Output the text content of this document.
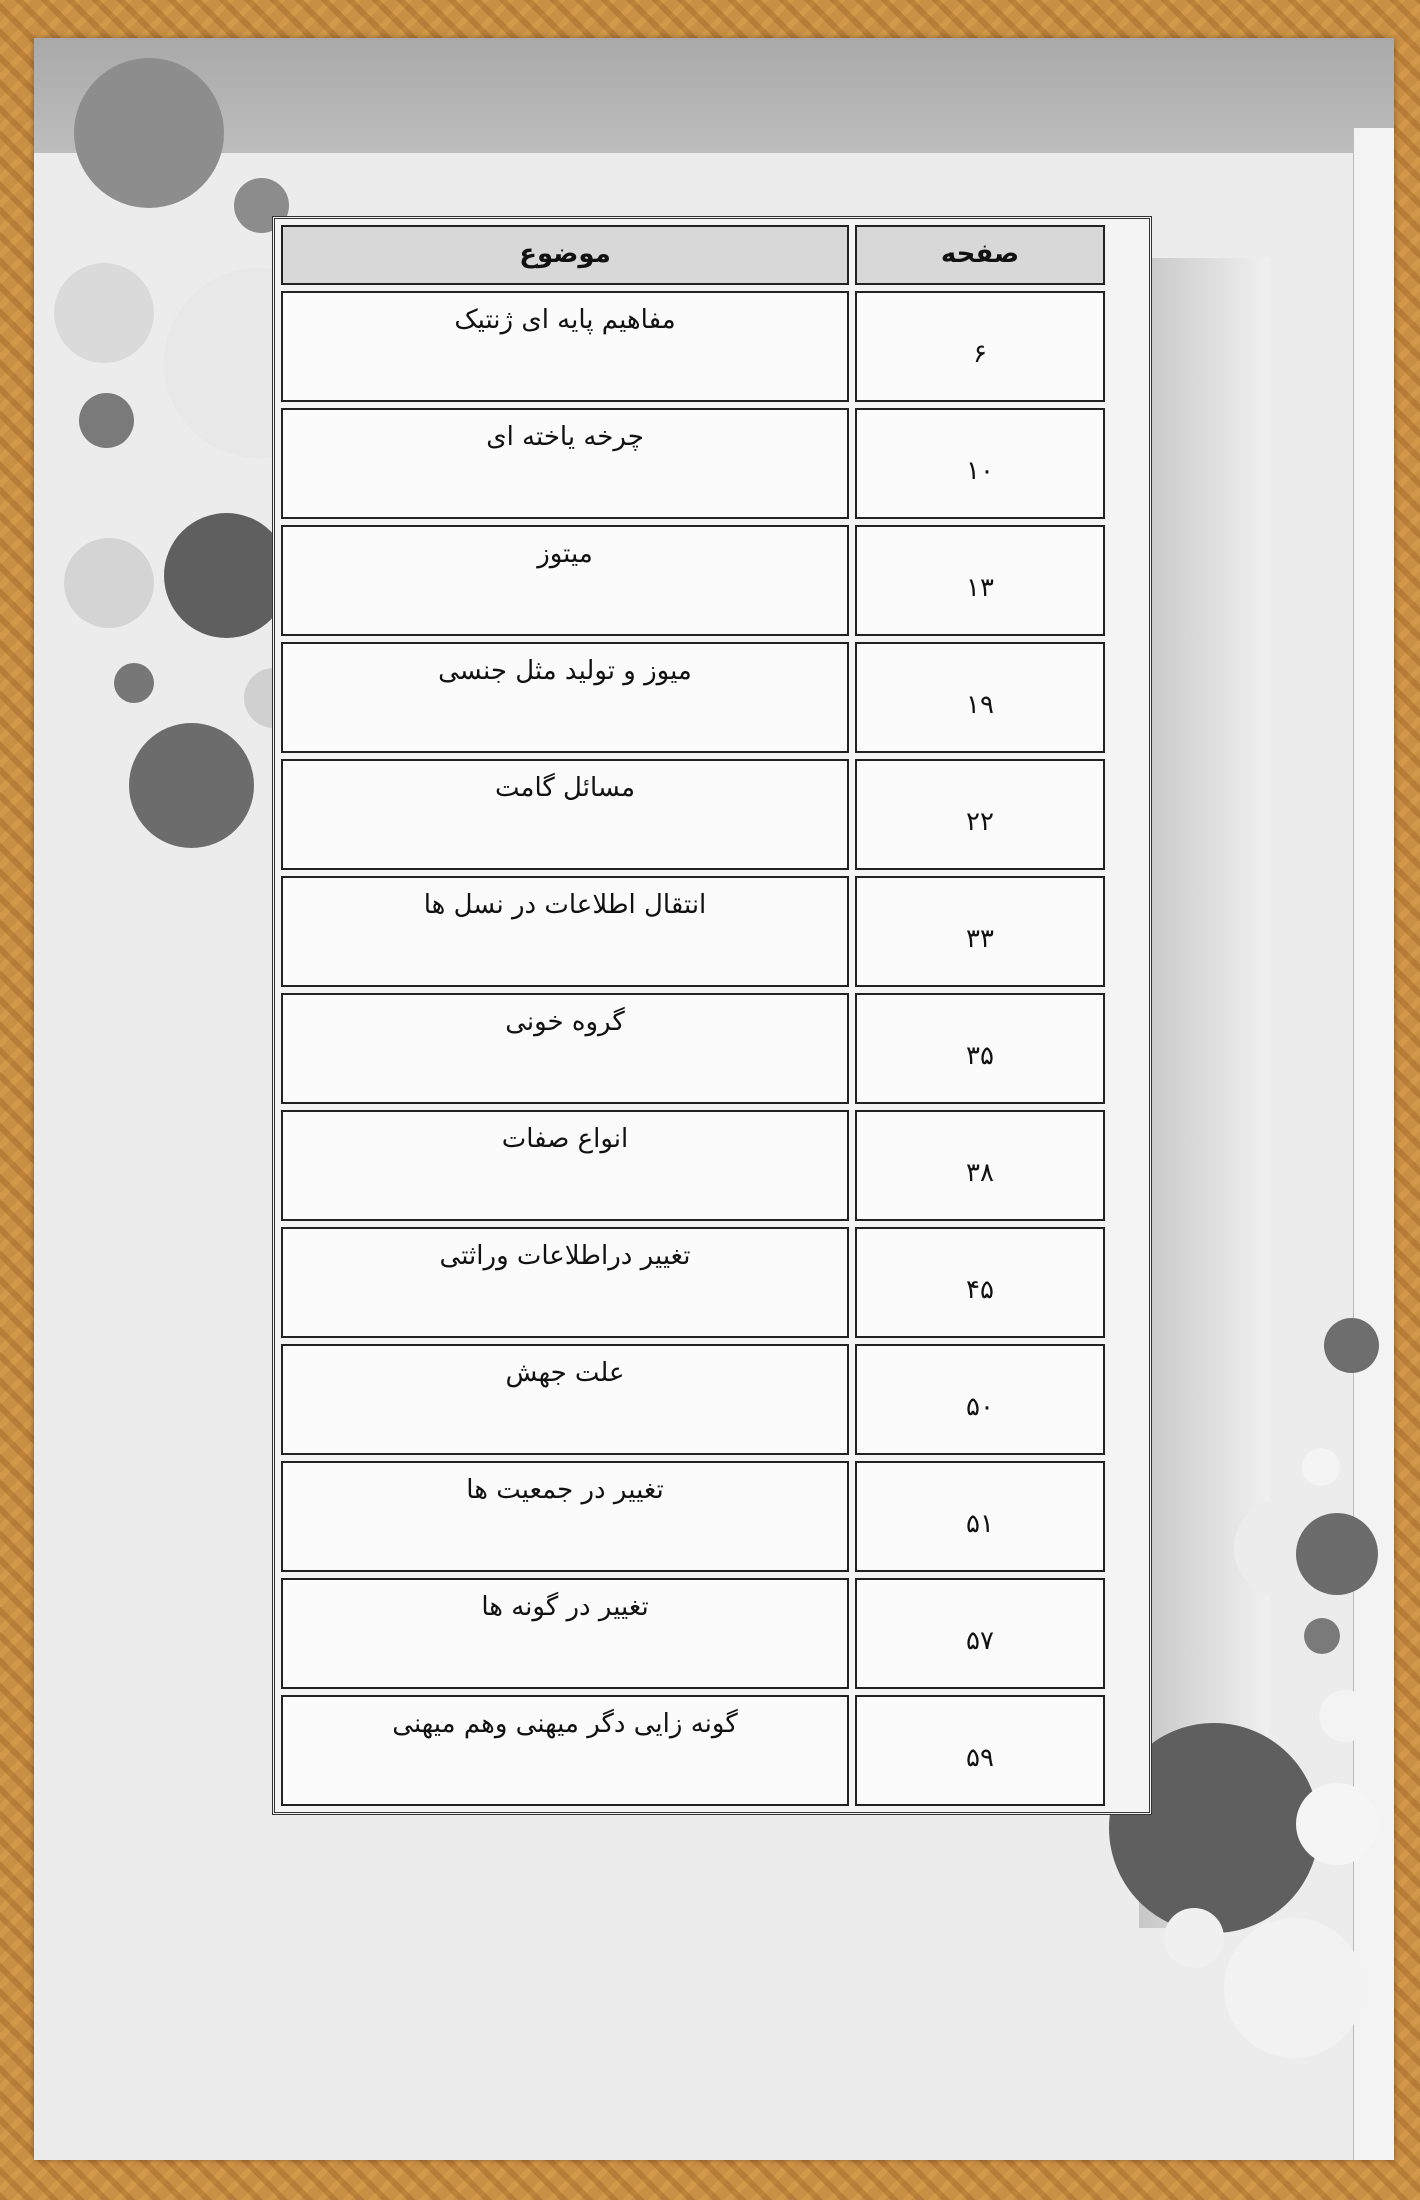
موضوع	صفحه
مفاهیم پایه ای ژنتیک
۶
چرخه یاخته ای
۱۰
میتوز
۱۳
میوز و تولید مثل جنسی
۱۹
مسائل گامت
۲۲
انتقال اطلاعات در نسل ها
۳۳
گروه خونی
۳۵
انواع صفات
۳۸
تغییر دراطلاعات وراثتی
۴۵
علت جهش
۵۰
تغییر در جمعیت ها
۵۱
تغییر در گونه ها
۵۷
گونه زایی دگر میهنی وهم میهنی
۵۹
